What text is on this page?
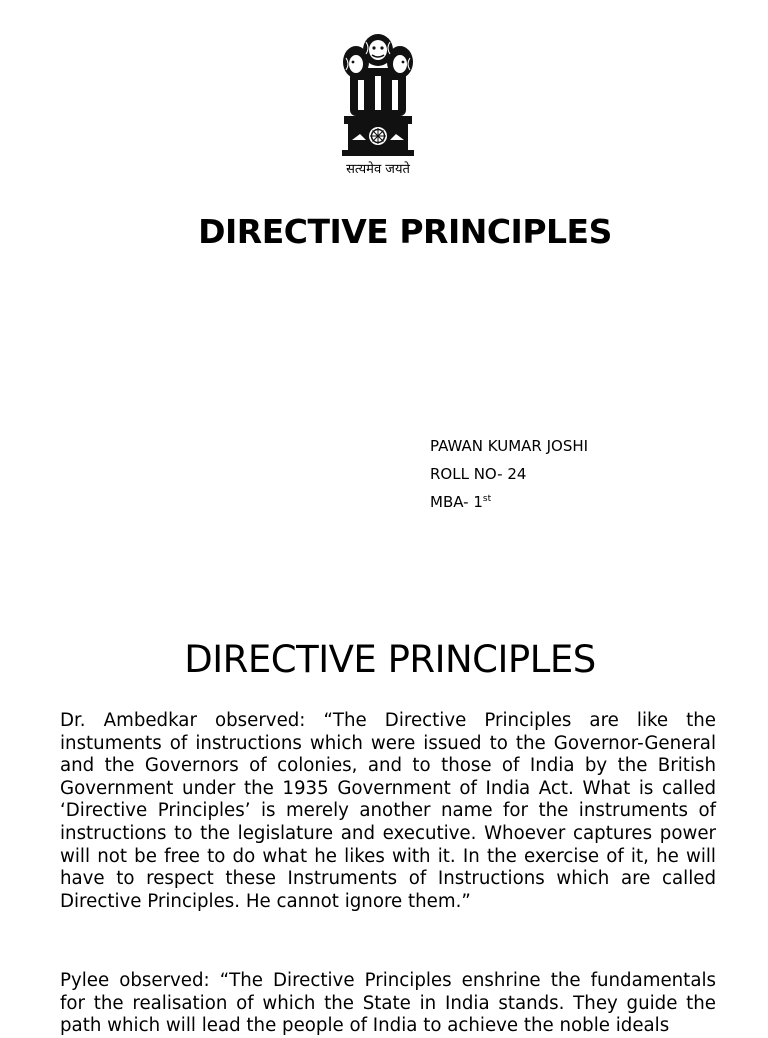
सत्यमेव जयते
DIRECTIVE PRINCIPLES
PAWAN KUMAR JOSHI
ROLL NO- 24
MBA- 1st
DIRECTIVE PRINCIPLES

Dr. Ambedkar observed: “The Directive Principles are like the instuments of instructions which were issued to the Governor-General and the Governors of colonies, and to those of India by the British Government under the 1935 Government of India Act. What is called ‘Directive Principles’ is merely another name for the instruments of instructions to the legislature and executive. Whoever captures power will not be free to do what he likes with it. In the exercise of it, he will have to respect these Instruments of Instructions which are called Directive Principles. He cannot ignore them.”

Pylee observed: “The Directive Principles enshrine the fundamentals for the realisation of which the State in India stands. They guide the path which will lead the people of India to achieve the noble ideals
